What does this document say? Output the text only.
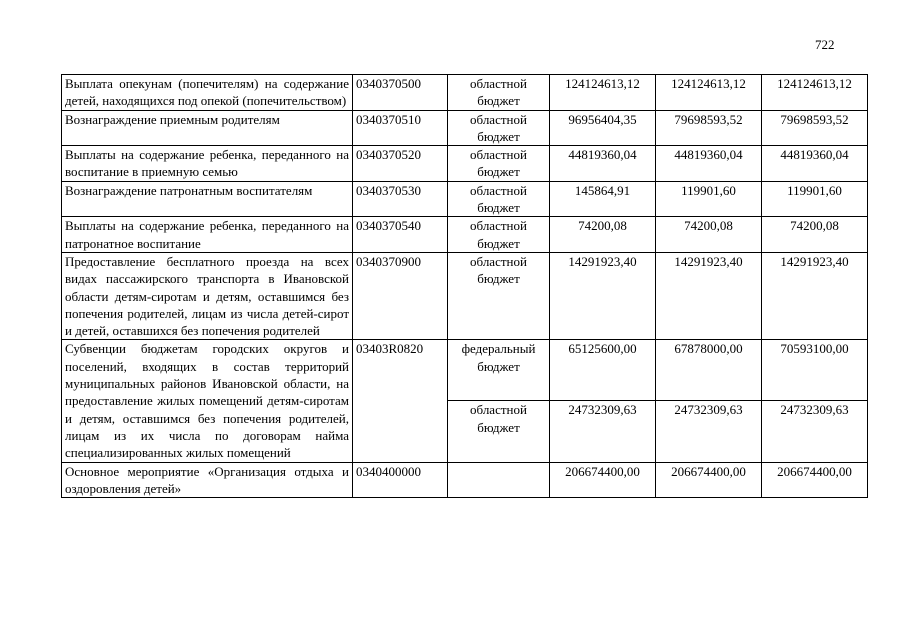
722
Выплата опекунам (попечителям) на содержание детей, находящихся под опекой (попечительством)	0340370500	областной бюджет	124124613,12	124124613,12	124124613,12
Вознаграждение приемным родителям	0340370510	областной бюджет	96956404,35	79698593,52	79698593,52
Выплаты на содержание ребенка, переданного на воспитание в приемную семью	0340370520	областной бюджет	44819360,04	44819360,04	44819360,04
Вознаграждение патронатным воспитателям	0340370530	областной бюджет	145864,91	119901,60	119901,60
Выплаты на содержание ребенка, переданного на патронатное воспитание	0340370540	областной бюджет	74200,08	74200,08	74200,08
Предоставление бесплатного проезда на всех видах пассажирского транспорта в Ивановской области детям-сиротам и детям, оставшимся без попечения родителей, лицам из числа детей-сирот и детей, оставшихся без попечения родителей	0340370900	областной бюджет	14291923,40	14291923,40	14291923,40
Субвенции бюджетам городских округов и поселений, входящих в состав территорий муниципальных районов Ивановской области, на предоставление жилых помещений детям-сиротам и детям, оставшимся без попечения родителей, лицам из их числа по договорам найма специализированных жилых помещений	03403R0820	федеральный бюджет	65125600,00	67878000,00	70593100,00
		областной бюджет	24732309,63	24732309,63	24732309,63
Основное мероприятие «Организация отдыха и оздоровления детей»	0340400000		206674400,00	206674400,00	206674400,00
